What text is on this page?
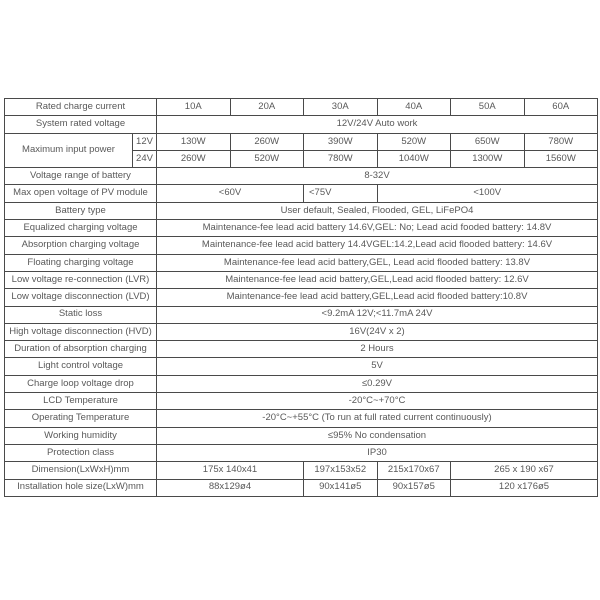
Rated charge current		10A	20A	30A	40A	50A	60A
System rated voltage		12V/24V Auto work					
Maximum input power	12V	130W	260W	390W	520W	650W	780W
	24V	260W	520W	780W	1040W	1300W	1560W
Voltage range of battery		8-32V					
Max open voltage of PV module		<60V		<75V	<100V		
Battery type		User default, Sealed, Flooded, GEL, LiFePO4					
Equalized charging voltage		Maintenance-fee lead acid battery 14.6V,GEL: No; Lead acid fooded battery: 14.8V					
Absorption charging voltage		Maintenance-fee lead acid battery 14.4VGEL:14.2,Lead acid flooded battery: 14.6V					
Floating charging voltage		Maintenance-fee lead acid battery,GEL, Lead acid flooded battery: 13.8V					
Low voltage re-connection (LVR)		Maintenance-fee lead acid battery,GEL,Lead acid flooded battery: 12.6V					
Low voltage disconnection (LVD)		Maintenance-fee lead acid battery,GEL,Lead acid flooded battery:10.8V					
Static loss		<9.2mA 12V;<11.7mA 24V					
High voltage disconnection (HVD)		16V(24V x 2)					
Duration of absorption charging		2 Hours					
Light control voltage		5V					
Charge loop voltage drop		≤0.29V					
LCD Temperature		-20°C~+70°C					
Operating Temperature		-20°C~+55°C (To run at full rated current continuously)					
Working humidity		≤95% No condensation					
Protection class		IP30					
Dimension(LxWxH)mm		175x 140x41		197x153x52	215x170x67	265 x 190 x67	
Installation hole size(LxW)mm		88x129ø4		90x141ø5	90x157ø5	120 x176ø5	
